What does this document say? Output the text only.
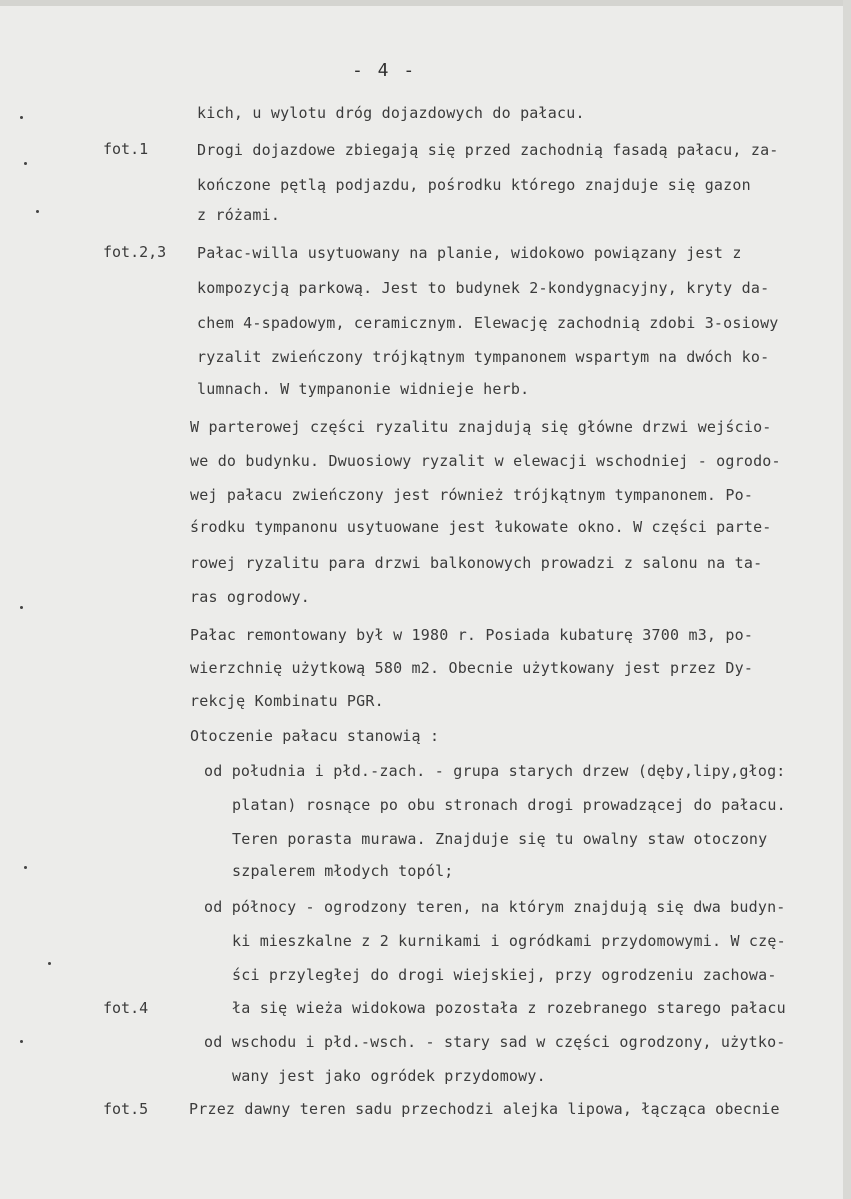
- 4 -
fot.1
fot.2,3
fot.4
fot.5
kich, u wylotu dróg dojazdowych do pałacu.
Drogi dojazdowe zbiegają się przed zachodnią fasadą pałacu, za-
kończone pętlą podjazdu, pośrodku którego znajduje się gazon
z różami.
Pałac-willa usytuowany na planie, widokowo powiązany jest z
kompozycją parkową. Jest to budynek 2-kondygnacyjny, kryty da-
chem 4-spadowym, ceramicznym. Elewację zachodnią zdobi 3-osiowy
ryzalit zwieńczony trójkątnym tympanonem wspartym na dwóch ko-
lumnach. W tympanonie widnieje herb.
W parterowej części ryzalitu znajdują się główne drzwi wejścio-
we do budynku. Dwuosiowy ryzalit w elewacji wschodniej - ogrodo-
wej pałacu zwieńczony jest również trójkątnym tympanonem. Po-
środku tympanonu usytuowane jest łukowate okno. W części parte-
rowej ryzalitu para drzwi balkonowych prowadzi z salonu na ta-
ras ogrodowy.
Pałac remontowany był w 1980 r. Posiada kubaturę 3700 m3, po-
wierzchnię użytkową 580 m2. Obecnie użytkowany jest przez Dy-
rekcję Kombinatu PGR.
Otoczenie pałacu stanowią :
od południa i płd.-zach. - grupa starych drzew (dęby,lipy,głog:
platan) rosnące po obu stronach drogi prowadzącej do pałacu.
Teren porasta murawa. Znajduje się tu owalny staw otoczony
szpalerem młodych topól;
od północy - ogrodzony teren, na którym znajdują się dwa budyn-
ki mieszkalne z 2 kurnikami i ogródkami przydomowymi. W czę-
ści przyległej do drogi wiejskiej, przy ogrodzeniu zachowa-
ła się wieża widokowa pozostała z rozebranego starego pałacu
od wschodu i płd.-wsch. - stary sad w części ogrodzony, użytko-
wany jest jako ogródek przydomowy.
Przez dawny teren sadu przechodzi alejka lipowa, łącząca obecnie
